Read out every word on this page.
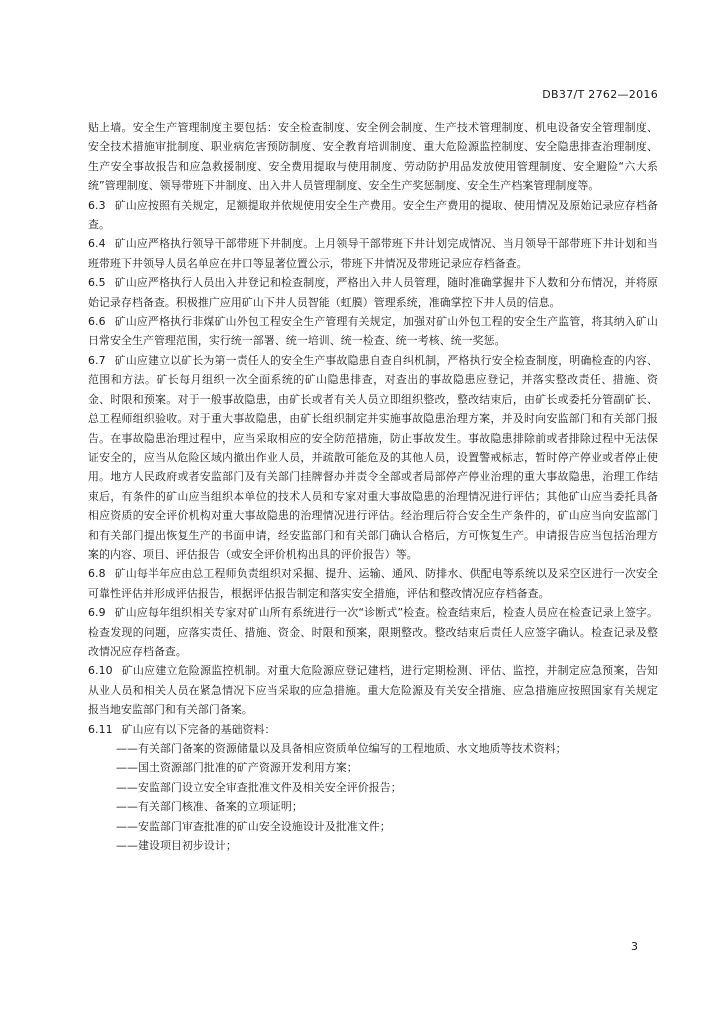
DB37/T 2762—2016

贴上墙。安全生产管理制度主要包括：安全检查制度、安全例会制度、生产技术管理制度、机电设备安全管理制度、安全技术措施审批制度、职业病危害预防制度、安全教育培训制度、重大危险源监控制度、安全隐患排查治理制度、生产安全事故报告和应急救援制度、安全费用提取与使用制度、劳动防护用品发放使用管理制度、安全避险“六大系统”管理制度、领导带班下井制度、出入井人员管理制度、安全生产奖惩制度、安全生产档案管理制度等。

6.3 矿山应按照有关规定，足额提取并依规使用安全生产费用。安全生产费用的提取、使用情况及原始记录应存档备查。

6.4 矿山应严格执行领导干部带班下井制度。上月领导干部带班下井计划完成情况、当月领导干部带班下井计划和当班带班下井领导人员名单应在井口等显著位置公示，带班下井情况及带班记录应存档备查。

6.5 矿山应严格执行人员出入井登记和检查制度，严格出入井人员管理，随时准确掌握井下人数和分布情况，并将原始记录存档备查。积极推广应用矿山下井人员智能（虹膜）管理系统，准确掌控下井人员的信息。

6.6 矿山应严格执行非煤矿山外包工程安全生产管理有关规定，加强对矿山外包工程的安全生产监管，将其纳入矿山日常安全生产管理范围，实行统一部署、统一培训、统一检查、统一考核、统一奖惩。

6.7 矿山应建立以矿长为第一责任人的安全生产事故隐患自查自纠机制，严格执行安全检查制度，明确检查的内容、范围和方法。矿长每月组织一次全面系统的矿山隐患排查，对查出的事故隐患应登记，并落实整改责任、措施、资金、时限和预案。对于一般事故隐患，由矿长或者有关人员立即组织整改，整改结束后，由矿长或委托分管副矿长、总工程师组织验收。对于重大事故隐患，由矿长组织制定并实施事故隐患治理方案，并及时向安监部门和有关部门报告。在事故隐患治理过程中，应当采取相应的安全防范措施，防止事故发生。事故隐患排除前或者排除过程中无法保证安全的，应当从危险区域内撤出作业人员，并疏散可能危及的其他人员，设置警戒标志，暂时停产停业或者停止使用。地方人民政府或者安监部门及有关部门挂牌督办并责令全部或者局部停产停业治理的重大事故隐患，治理工作结束后，有条件的矿山应当组织本单位的技术人员和专家对重大事故隐患的治理情况进行评估；其他矿山应当委托具备相应资质的安全评价机构对重大事故隐患的治理情况进行评估。经治理后符合安全生产条件的，矿山应当向安监部门和有关部门提出恢复生产的书面申请，经安监部门和有关部门确认合格后，方可恢复生产。申请报告应当包括治理方案的内容、项目、评估报告（或安全评价机构出具的评价报告）等。

6.8 矿山每半年应由总工程师负责组织对采掘、提升、运输、通风、防排水、供配电等系统以及采空区进行一次安全可靠性评估并形成评估报告，根据评估报告制定和落实安全措施，评估和整改情况应存档备查。

6.9 矿山应每年组织相关专家对矿山所有系统进行一次“诊断式”检查。检查结束后，检查人员应在检查记录上签字。检查发现的问题，应落实责任、措施、资金、时限和预案，限期整改。整改结束后责任人应签字确认。检查记录及整改情况应存档备查。

6.10 矿山应建立危险源监控机制。对重大危险源应登记建档，进行定期检测、评估、监控，并制定应急预案，告知从业人员和相关人员在紧急情况下应当采取的应急措施。重大危险源及有关安全措施、应急措施应按照国家有关规定报当地安监部门和有关部门备案。

6.11 矿山应有以下完备的基础资料：

——有关部门备案的资源储量以及具备相应资质单位编写的工程地质、水文地质等技术资料；

——国土资源部门批准的矿产资源开发利用方案；

——安监部门设立安全审查批准文件及相关安全评价报告；

——有关部门核准、备案的立项证明；

——安监部门审查批准的矿山安全设施设计及批准文件；

——建设项目初步设计；

3
